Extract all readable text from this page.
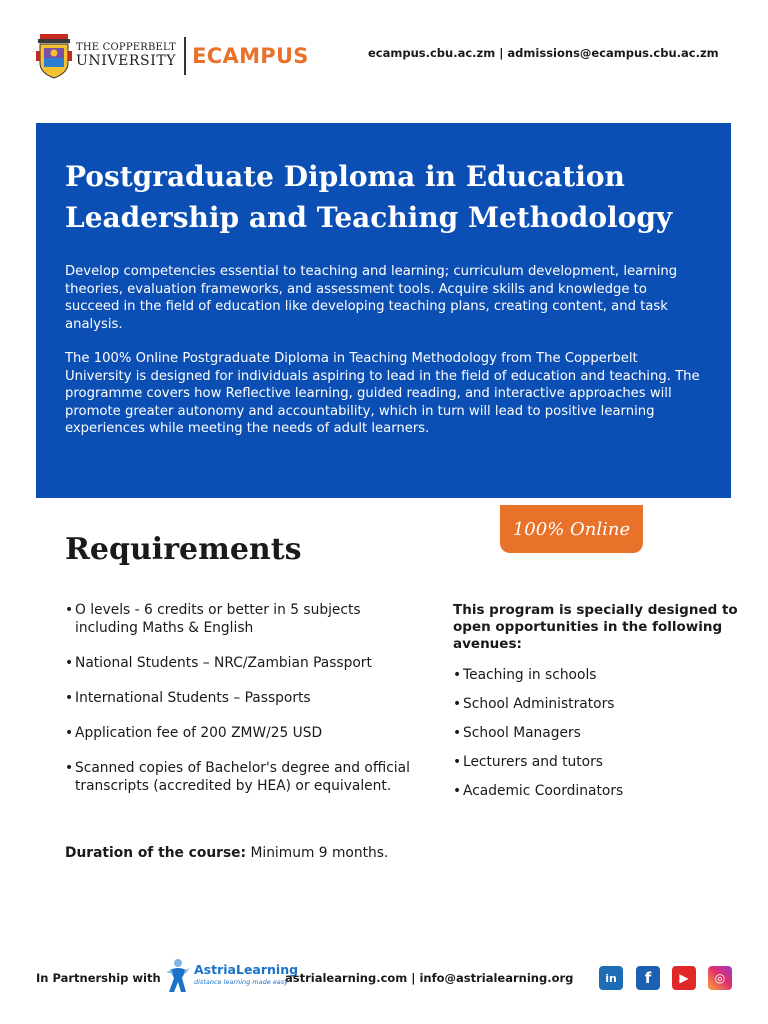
THE COPPERBELT
UNIVERSITY ECAMPUS	ecampus.cbu.ac.zm | admissions@ecampus.cbu.ac.zm
Postgraduate Diploma in Education Leadership and Teaching Methodology

Develop competencies essential to teaching and learning; curriculum development, learning theories, evaluation frameworks, and assessment tools. Acquire skills and knowledge to succeed in the field of education like developing teaching plans, creating content, and task analysis.

The 100% Online Postgraduate Diploma in Teaching Methodology from The Copperbelt University is designed for individuals aspiring to lead in the field of education and teaching. The programme covers how Reflective learning, guided reading, and interactive approaches will promote greater autonomy and accountability, which in turn will lead to positive learning experiences while meeting the needs of adult learners.

100% Online
Requirements
• O levels - 6 credits or better in 5 subjects including Maths & English
• National Students – NRC/Zambian Passport
• International Students – Passports
• Application fee of 200 ZMW/25 USD
• Scanned copies of Bachelor's degree and official transcripts (accredited by HEA) or equivalent.
Duration of the course: Minimum 9 months.
This program is specially designed to open opportunities in the following avenues:
• Teaching in schools
• School Administrators
• School Managers
• Lecturers and tutors
• Academic Coordinators
In Partnership with
AstriaLearning
distance learning made easy
astrialearning.com | info@astrialearning.org	in	f	▶	◎
